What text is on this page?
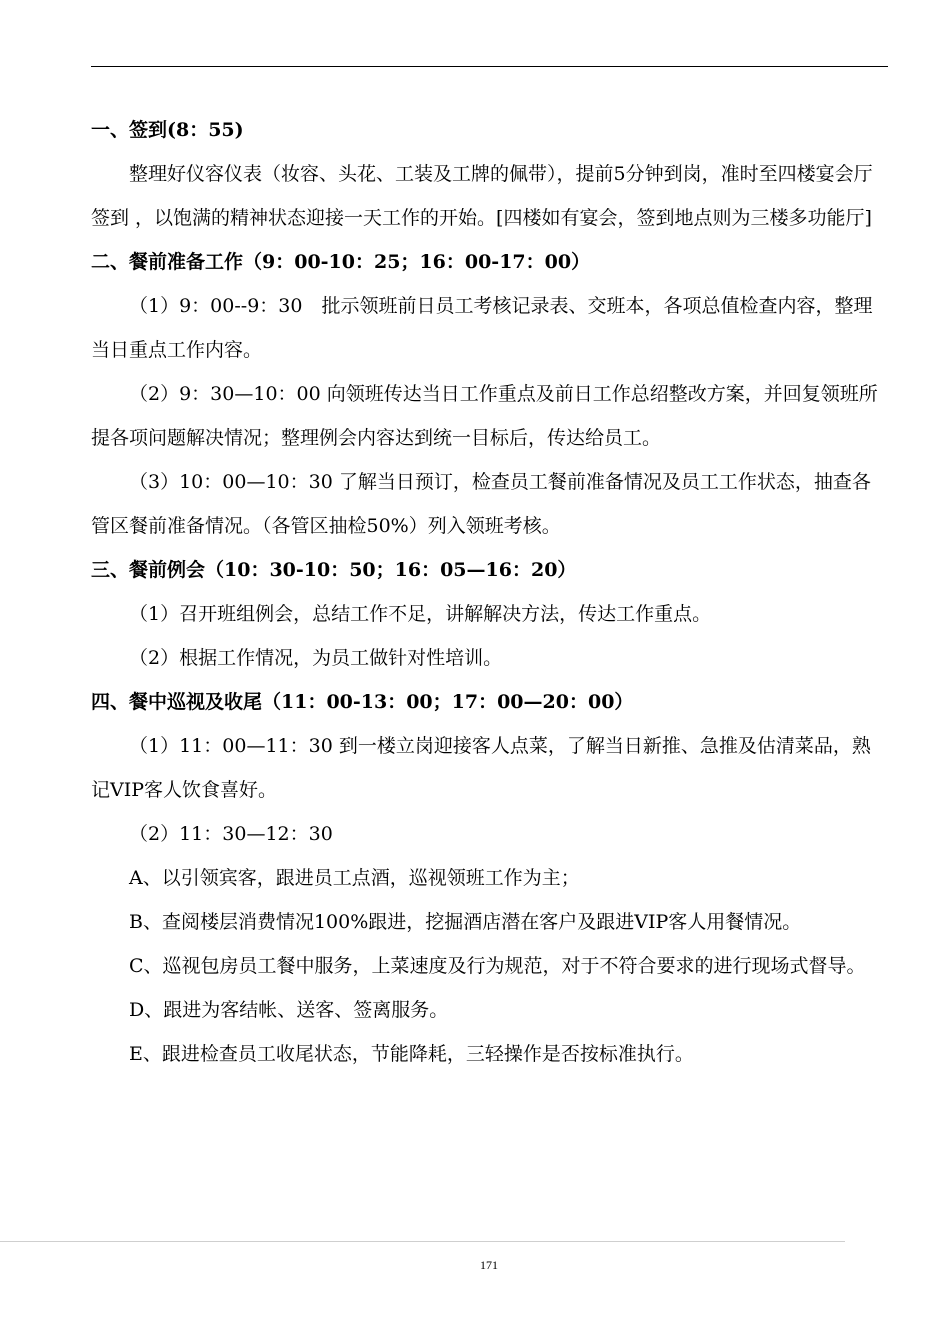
一、签到(8：55)

整理好仪容仪表（妆容、头花、工装及工牌的佩带），提前5分钟到岗，准时至四楼宴会厅签到 ，以饱满的精神状态迎接一天工作的开始。[四楼如有宴会，签到地点则为三楼多功能厅]

二、餐前准备工作（9：00-10：25；16：00-17：00）

（1）9：00--9：30　批示领班前日员工考核记录表、交班本，各项总值检查内容，整理当日重点工作内容。

（2）9：30—10：00 向领班传达当日工作重点及前日工作总绍整改方案，并回复领班所提各项问题解决情况；整理例会内容达到统一目标后，传达给员工。

（3）10：00—10：30 了解当日预订，检查员工餐前准备情况及员工工作状态，抽查各管区餐前准备情况。（各管区抽检50%）列入领班考核。

三、餐前例会（10：30-10：50；16：05—16：20）

（1）召开班组例会，总结工作不足，讲解解决方法，传达工作重点。

（2）根据工作情况，为员工做针对性培训。

四、餐中巡视及收尾（11：00-13：00；17：00—20：00）

（1）11：00—11：30 到一楼立岗迎接客人点菜，了解当日新推、急推及估清菜品，熟记VIP客人饮食喜好。

（2）11：30—12：30

A、以引领宾客，跟进员工点酒，巡视领班工作为主；

B、查阅楼层消费情况100%跟进，挖掘酒店潜在客户及跟进VIP客人用餐情况。

C、巡视包房员工餐中服务，上菜速度及行为规范，对于不符合要求的进行现场式督导。

D、跟进为客结帐、送客、签离服务。

E、跟进检查员工收尾状态，节能降耗，三轻操作是否按标准执行。

171
